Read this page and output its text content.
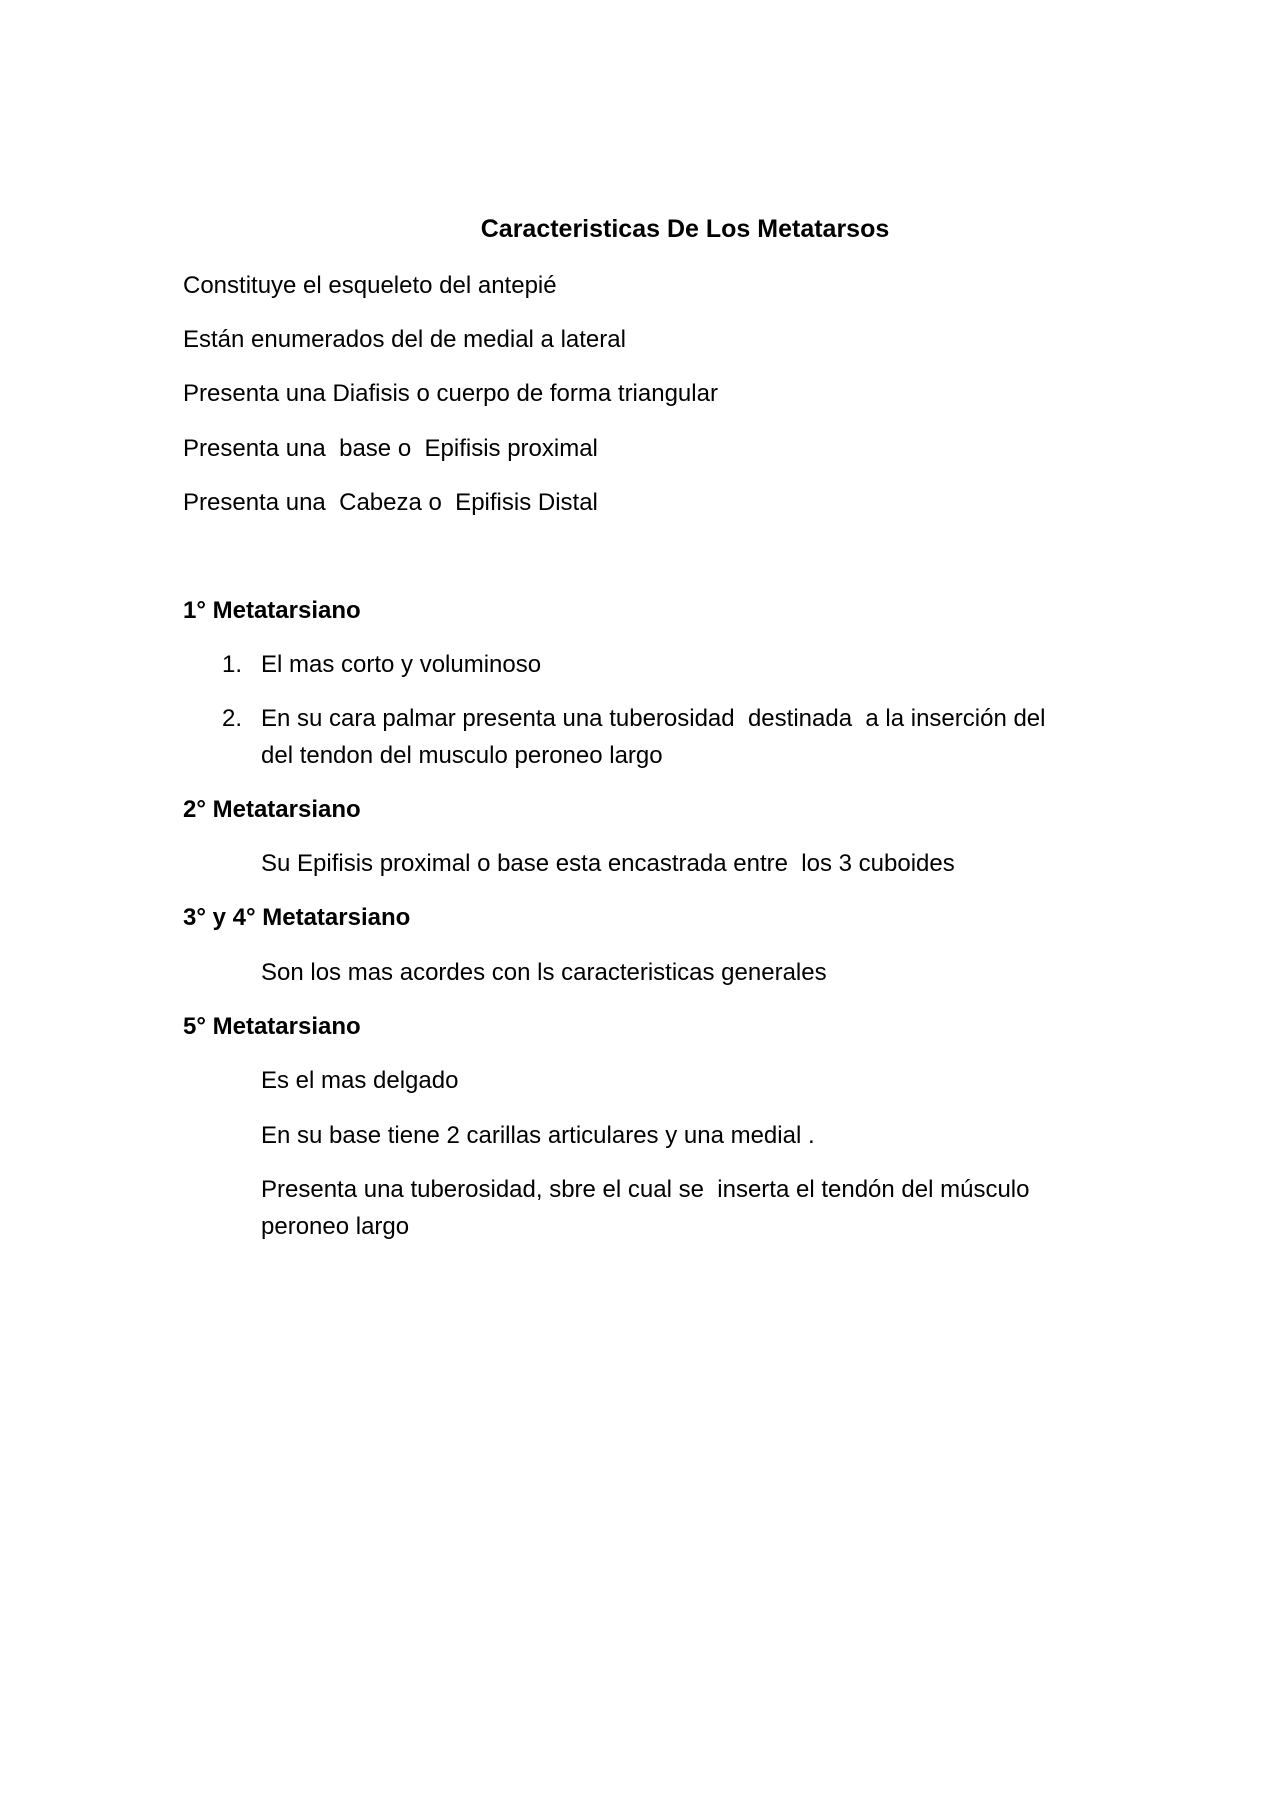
Caracteristicas De Los Metatarsos

Constituye el esqueleto del antepié

Están enumerados del de medial a lateral

Presenta una Diafisis o cuerpo de forma triangular

Presenta una  base o  Epifisis proximal

Presenta una  Cabeza o  Epifisis Distal

1° Metatarsiano

1. El mas corto y voluminoso

2. En su cara palmar presenta una tuberosidad  destinada  a la inserción del

del tendon del musculo peroneo largo

2° Metatarsiano

Su Epifisis proximal o base esta encastrada entre  los 3 cuboides

3° y 4° Metatarsiano

Son los mas acordes con ls caracteristicas generales

5° Metatarsiano

Es el mas delgado

En su base tiene 2 carillas articulares y una medial .

Presenta una tuberosidad, sbre el cual se  inserta el tendón del músculo

peroneo largo
